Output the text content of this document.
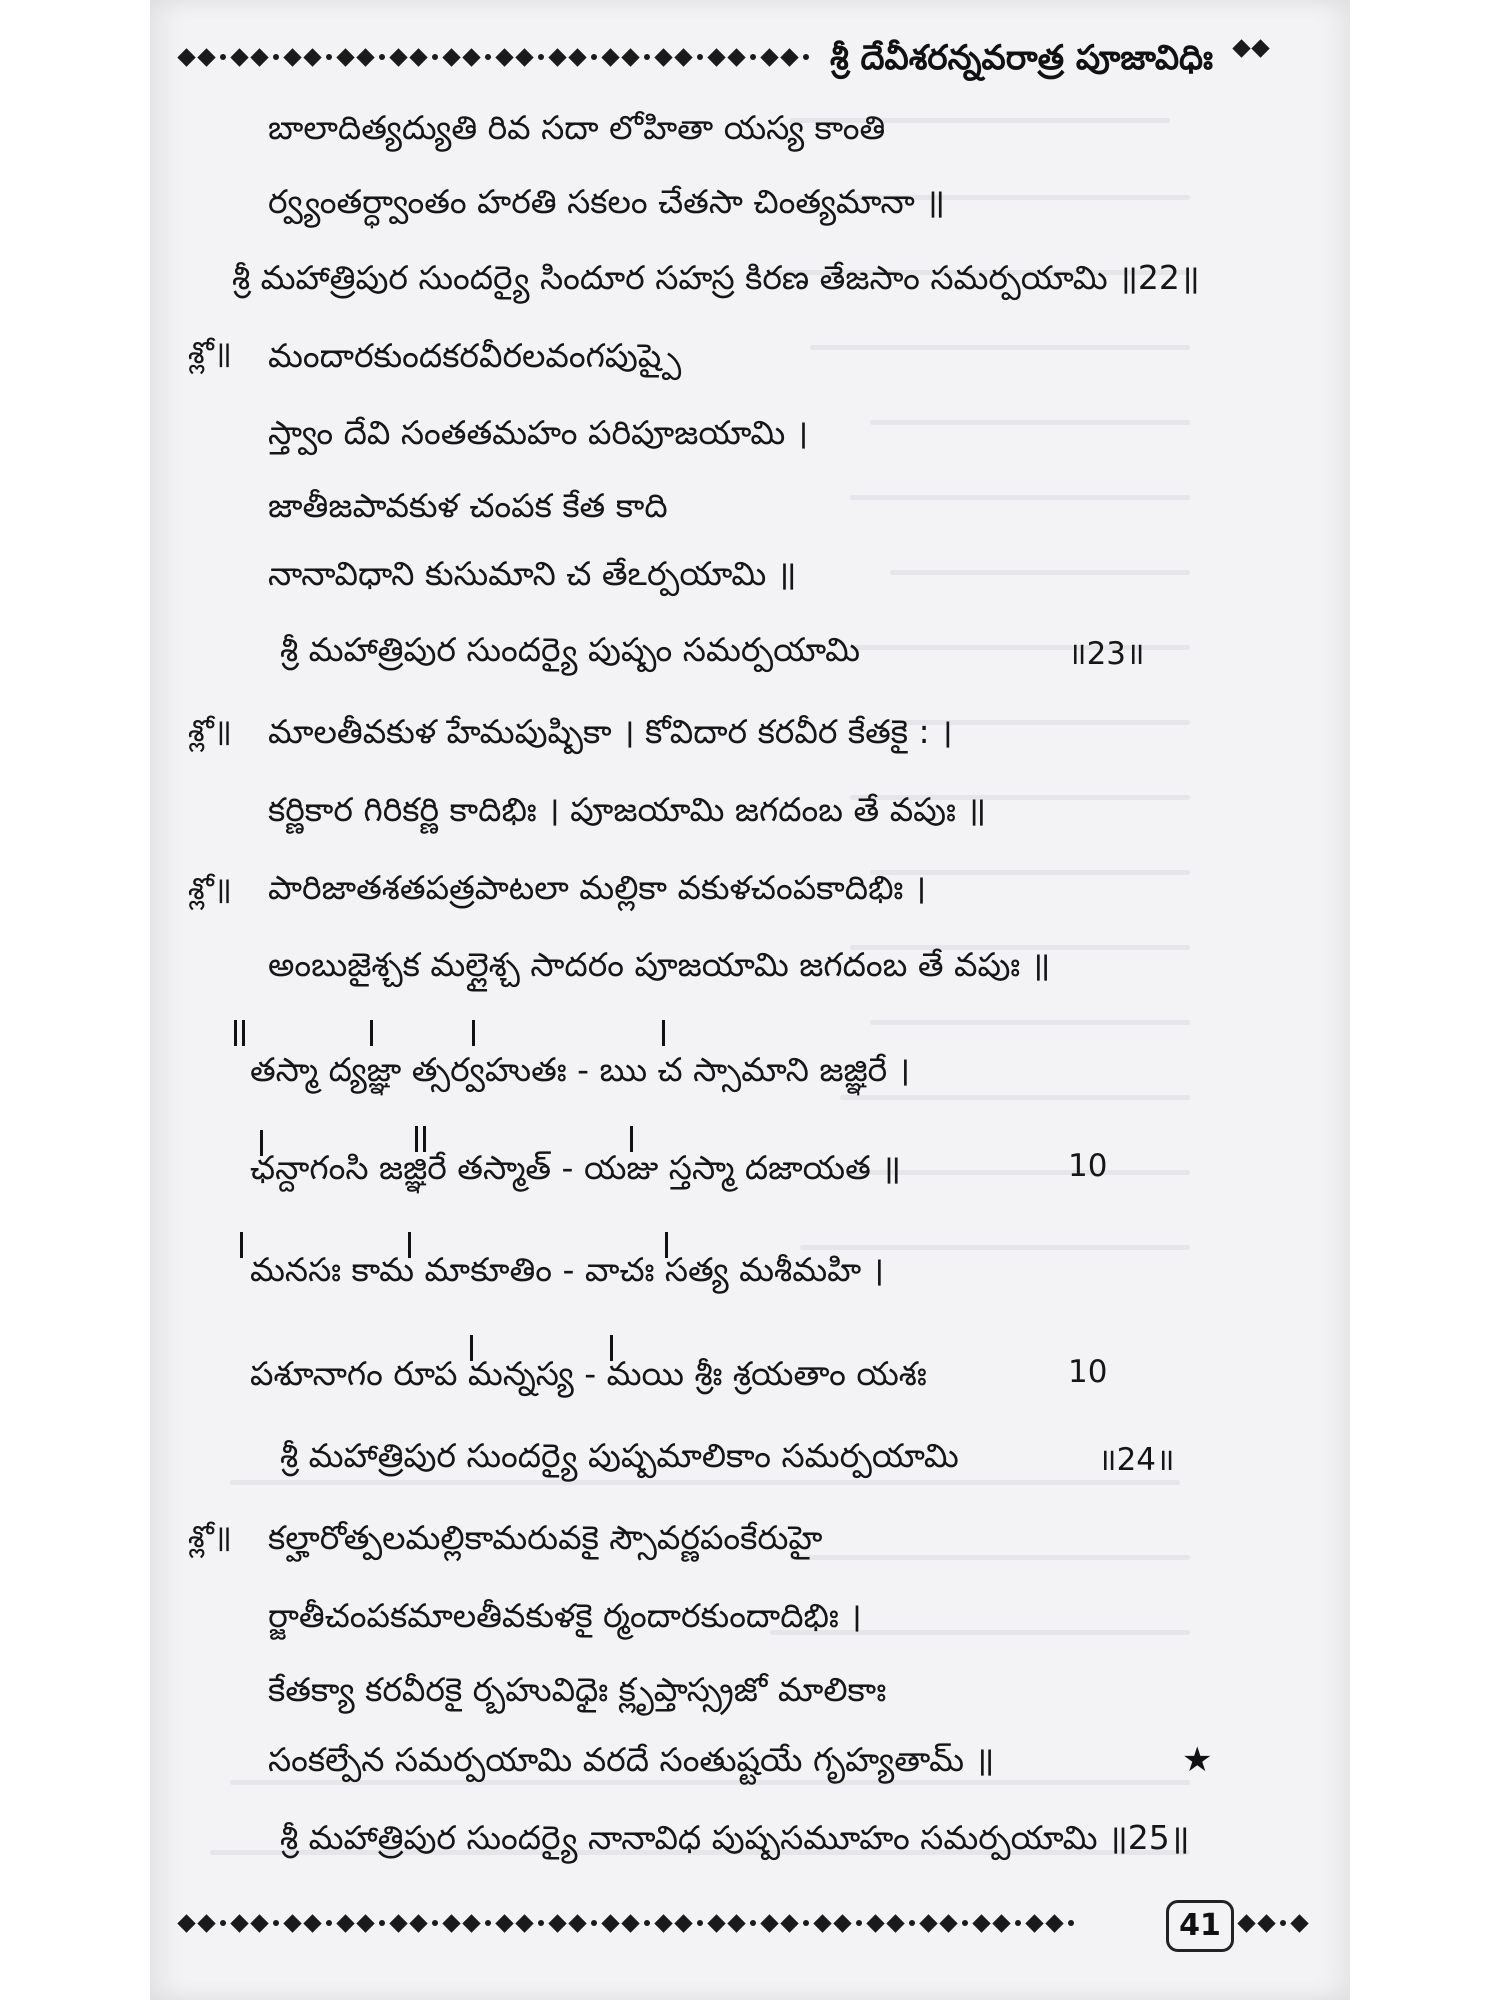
శ్రీ దేవీశరన్నవరాత్ర పూజావిధిః
బాలాదిత్యద్యుతి రివ సదా లోహితా యస్య కాంతి
ర్వ్యంతర్ధ్వాంతం హరతి సకలం చేతసా చింత్యమానా ॥
శ్రీ మహాత్రిపుర సుందర్యై సిందూర సహస్ర కిరణ తేజసాం సమర్పయామి ॥22॥
శ్లో॥ మందారకుందకరవీరలవంగపుష్పై
స్త్వాం దేవి సంతతమహం పరిపూజయామి ।
జాతీజపావకుళ చంపక కేత కాది
నానావిధాని కుసుమాని చ తేఽర్పయామి ॥
శ్రీ మహాత్రిపుర సుందర్యై పుష్పం సమర్పయామి	॥23॥
శ్లో॥ మాలతీవకుళ హేమపుష్పికా । కోవిదార కరవీర కేతకై : ।
కర్ణికార గిరికర్ణి కాదిభిః । పూజయామి జగదంబ తే వపుః ॥
శ్లో॥ పారిజాతశతపత్రపాటలా మల్లికా వకుళచంపకాదిభిః ।
అంబుజైశ్చక మల్లైశ్చ సాదరం పూజయామి జగదంబ తే వపుః ॥
తస్మా ద్యజ్ఞా త్సర్వహుతః - ఋ చ స్సామాని జజ్ఞిరే ।
ఛన్దాగంసి జజ్ఞిరే తస్మాత్ - యజు స్తస్మా దజాయత ॥	10
మనసః కామ మాకూతిం - వాచః సత్య మశీమహి ।
పశూనాగం రూప మన్నస్య - మయి శ్రీః శ్రయతాం యశః	10
శ్రీ మహాత్రిపుర సుందర్యై పుష్పమాలికాం సమర్పయామి	॥24॥
శ్లో॥ కల్హారోత్పలమల్లికామరువకై స్సౌవర్ణపంకేరుహై
ర్జాతీచంపకమాలతీవకుళకై ర్మందారకుందాదిభిః ।
కేతక్యా కరవీరకై ర్బహువిధైః క్లృప్తాస్స్రజో మాలికాః
సంకల్పేన సమర్పయామి వరదే సంతుష్టయే గృహ్యతామ్ ॥	★
శ్రీ మహాత్రిపుర సుందర్యై నానావిధ పుష్పసమూహం సమర్పయామి ॥25॥
41
